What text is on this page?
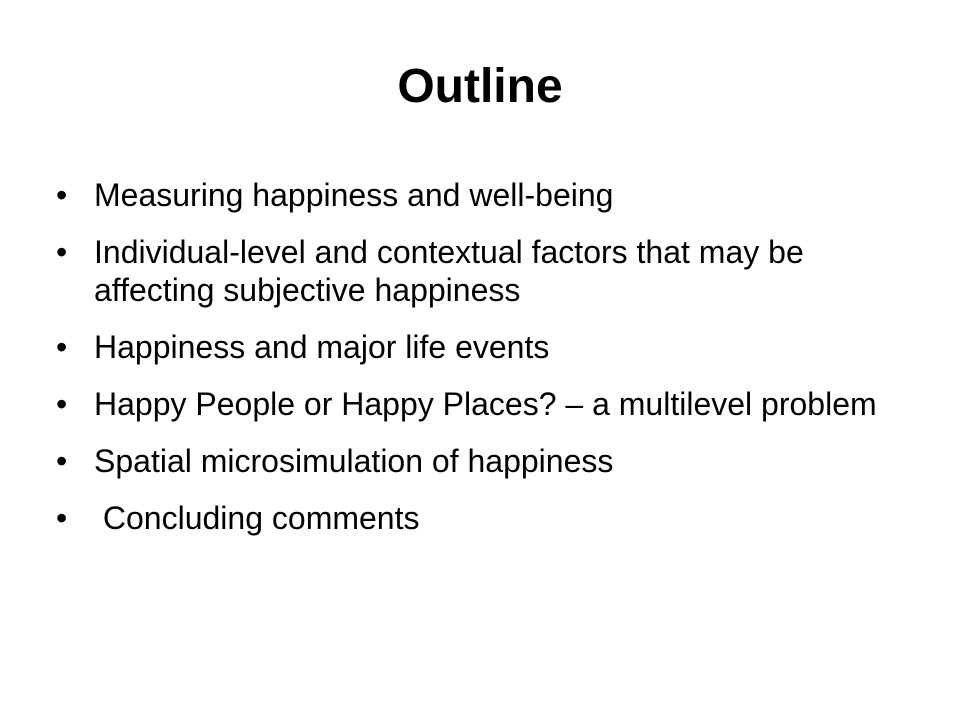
Outline
• Measuring happiness and well-being
• Individual-level and contextual factors that may be affecting subjective happiness
• Happiness and major life events
• Happy People or Happy Places? – a multilevel problem
• Spatial microsimulation of happiness
• Concluding comments
